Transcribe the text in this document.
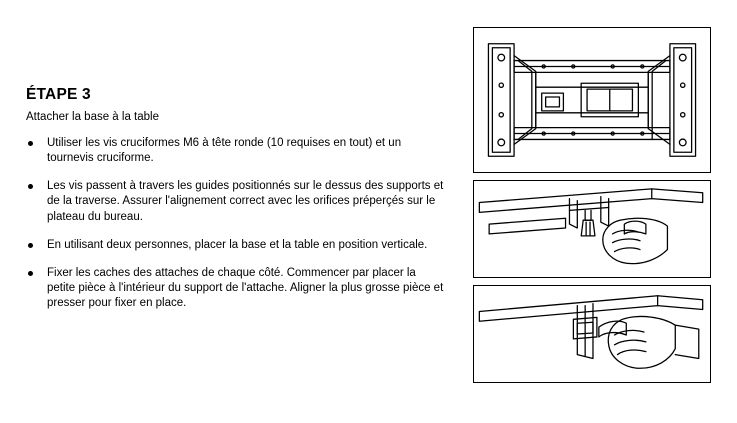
ÉTAPE 3

Attacher la base à la table

Utiliser les vis cruciformes M6 à tête ronde (10 requises en tout) et un tournevis cruciforme.
Les vis passent à travers les guides positionnés sur le dessus des supports et de la traverse. Assurer l'alignement correct avec les orifices préperçés sur le plateau du bureau.
En utilisant deux personnes, placer la base et la table en position verticale.
Fixer les caches des attaches de chaque côté. Commencer par placer la petite pièce à l'intérieur du support de l'attache. Aligner la plus grosse pièce et presser pour fixer en place.
